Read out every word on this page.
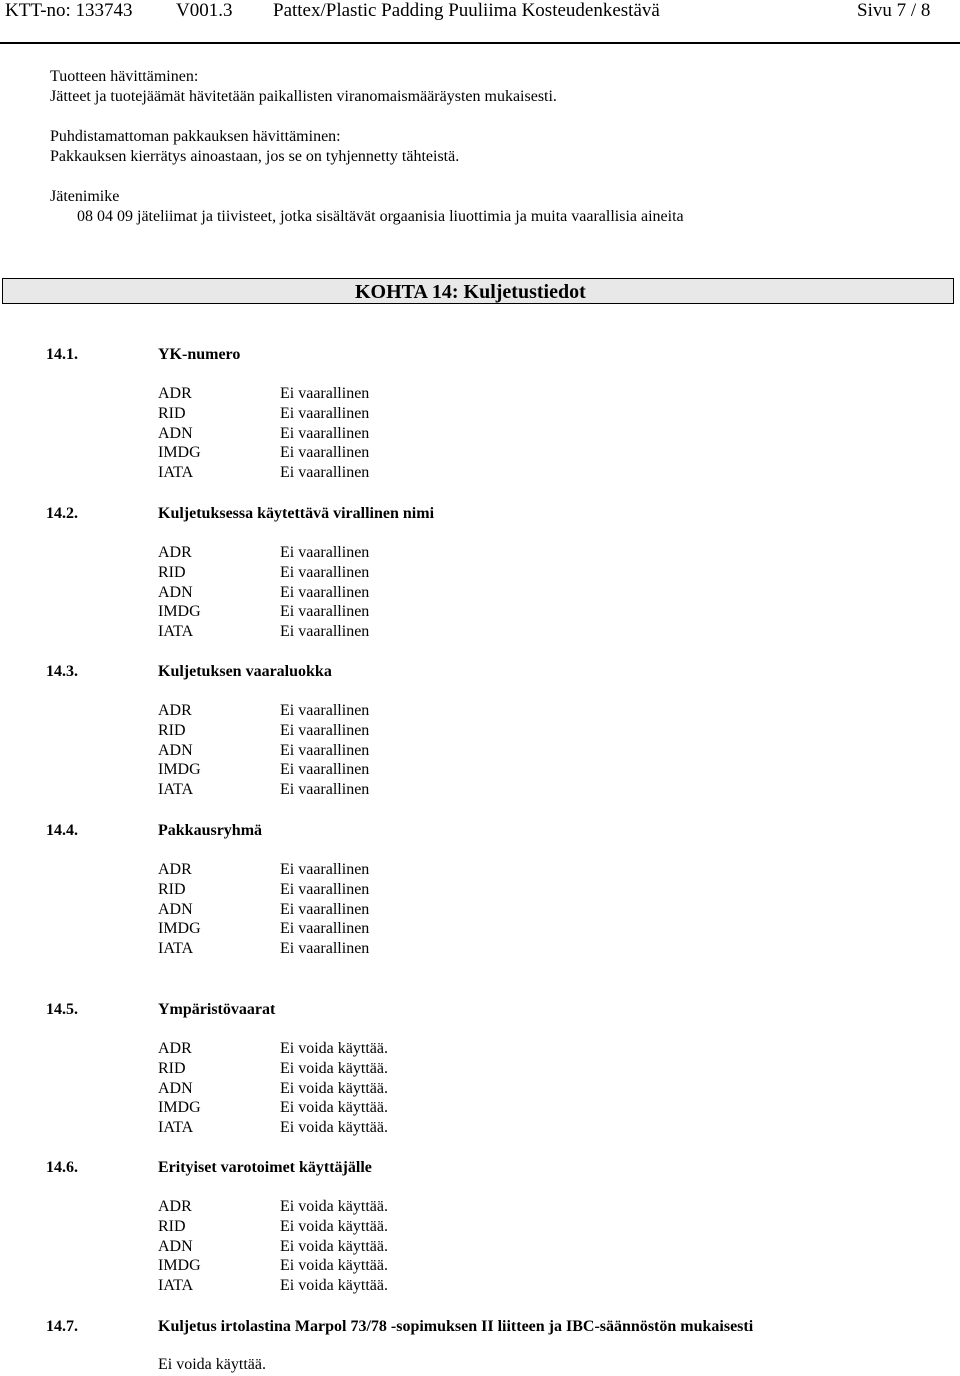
KTT-no: 133743 V001.3 Pattex/Plastic Padding Puuliima Kosteudenkestävä	Sivu 7 / 8
Tuotteen hävittäminen:
Jätteet ja tuotejäämät hävitetään paikallisten viranomaismääräysten mukaisesti.
Puhdistamattoman pakkauksen hävittäminen:
Pakkauksen kierrätys ainoastaan, jos se on tyhjennetty tähteistä.
Jätenimike
08 04 09 jäteliimat ja tiivisteet, jotka sisältävät orgaanisia liuottimia ja muita vaarallisia aineita
KOHTA 14: Kuljetustiedot
14.1.	YK-numero
ADR	Ei vaarallinen
RID	Ei vaarallinen
ADN	Ei vaarallinen
IMDG	Ei vaarallinen
IATA	Ei vaarallinen
14.2.	Kuljetuksessa käytettävä virallinen nimi
ADR	Ei vaarallinen
RID	Ei vaarallinen
ADN	Ei vaarallinen
IMDG	Ei vaarallinen
IATA	Ei vaarallinen
14.3.	Kuljetuksen vaaraluokka
ADR	Ei vaarallinen
RID	Ei vaarallinen
ADN	Ei vaarallinen
IMDG	Ei vaarallinen
IATA	Ei vaarallinen
14.4.	Pakkausryhmä
ADR	Ei vaarallinen
RID	Ei vaarallinen
ADN	Ei vaarallinen
IMDG	Ei vaarallinen
IATA	Ei vaarallinen
14.5.	Ympäristövaarat
ADR	Ei voida käyttää.
RID	Ei voida käyttää.
ADN	Ei voida käyttää.
IMDG	Ei voida käyttää.
IATA	Ei voida käyttää.
14.6.	Erityiset varotoimet käyttäjälle
ADR	Ei voida käyttää.
RID	Ei voida käyttää.
ADN	Ei voida käyttää.
IMDG	Ei voida käyttää.
IATA	Ei voida käyttää.
14.7.	Kuljetus irtolastina Marpol 73/78 -sopimuksen II liitteen ja IBC-säännöstön mukaisesti
Ei voida käyttää.
